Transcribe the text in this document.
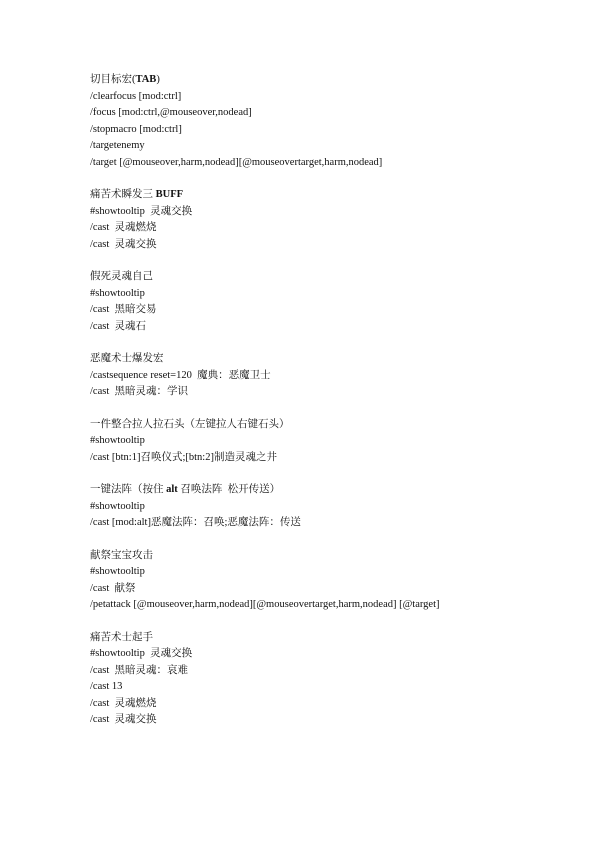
切目标宏(TAB)
/clearfocus [mod:ctrl]
/focus [mod:ctrl,@mouseover,nodead]
/stopmacro [mod:ctrl]
/targetenemy
/target [@mouseover,harm,nodead][@mouseovertarget,harm,nodead]
痛苦术瞬发三 BUFF
#showtooltip  灵魂交换
/cast  灵魂燃烧
/cast  灵魂交换
假死灵魂自己
#showtooltip
/cast  黑暗交易
/cast  灵魂石
恶魔术士爆发宏
/castsequence reset=120  魔典：恶魔卫士
/cast  黑暗灵魂：学识
一件整合拉人拉石头（左键拉人右键石头）
#showtooltip
/cast [btn:1]召唤仪式;[btn:2]制造灵魂之井
一键法阵（按住 alt 召唤法阵  松开传送）
#showtooltip
/cast [mod:alt]恶魔法阵：召唤;恶魔法阵：传送
献祭宝宝攻击
#showtooltip
/cast  献祭
/petattack [@mouseover,harm,nodead][@mouseovertarget,harm,nodead] [@target]
痛苦术士起手
#showtooltip  灵魂交换
/cast  黑暗灵魂：哀难
/cast 13
/cast  灵魂燃烧
/cast  灵魂交换
